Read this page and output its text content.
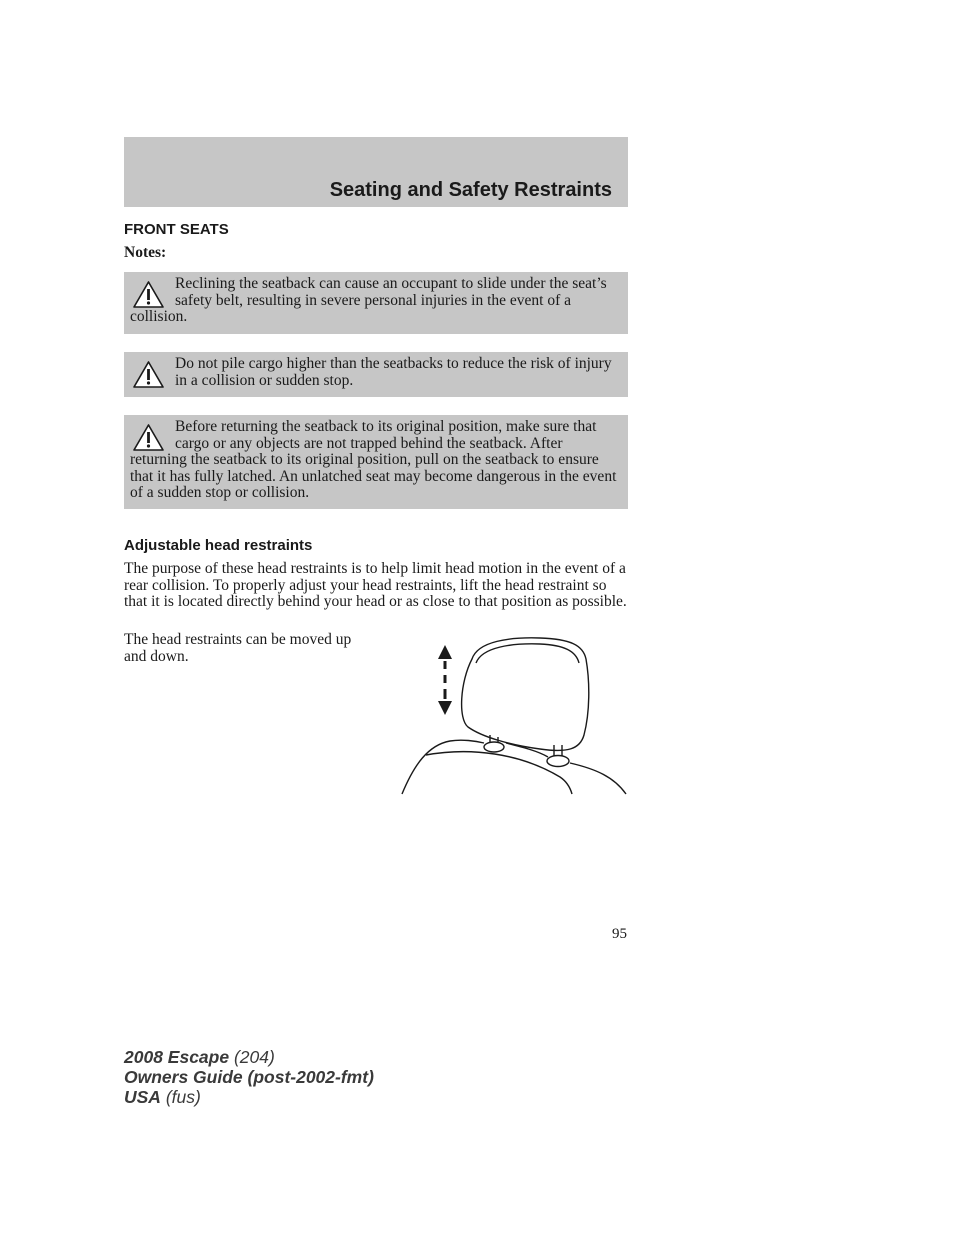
Seating and Safety Restraints
FRONT SEATS
Notes:
Reclining the seatback can cause an occupant to slide under the seat’s safety belt, resulting in severe personal injuries in the event of a collision.
Do not pile cargo higher than the seatbacks to reduce the risk of injury in a collision or sudden stop.
Before returning the seatback to its original position, make sure that cargo or any objects are not trapped behind the seatback. After returning the seatback to its original position, pull on the seatback to ensure that it has fully latched. An unlatched seat may become dangerous in the event of a sudden stop or collision.
Adjustable head restraints
The purpose of these head restraints is to help limit head motion in the event of a rear collision. To properly adjust your head restraints, lift the head restraint so that it is located directly behind your head or as close to that position as possible.
The head restraints can be moved up and down.
95
2008 Escape (204)
Owners Guide (post-2002-fmt)
USA (fus)
